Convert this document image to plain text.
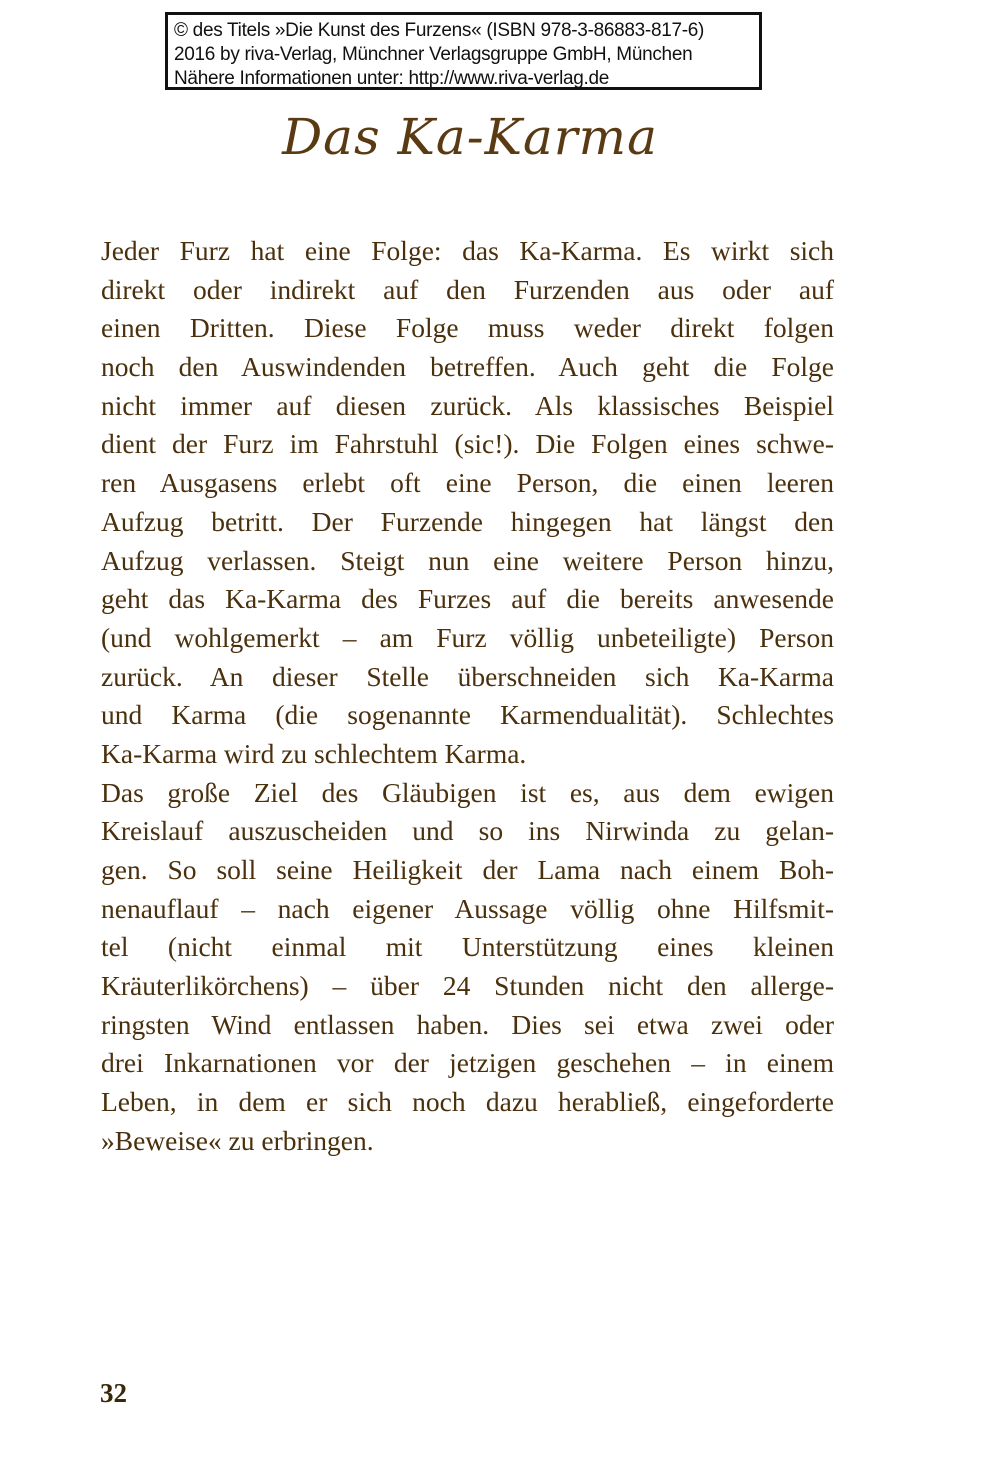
© des Titels »Die Kunst des Furzens« (ISBN 978-3-86883-817-6)
2016 by riva-Verlag, Münchner Verlagsgruppe GmbH, München
Nähere Informationen unter: http://www.riva-verlag.de
Das Ka-Karma
Jeder Furz hat eine Folge: das Ka-Karma. Es wirkt sich
direkt oder indirekt auf den Furzenden aus oder auf
einen Dritten. Diese Folge muss weder direkt folgen
noch den Auswindenden betreffen. Auch geht die Folge
nicht immer auf diesen zurück. Als klassisches Beispiel
dient der Furz im Fahrstuhl (sic!). Die Folgen eines schwe-
ren Ausgasens erlebt oft eine Person, die einen leeren
Aufzug betritt. Der Furzende hingegen hat längst den
Aufzug verlassen. Steigt nun eine weitere Person hinzu,
geht das Ka-Karma des Furzes auf die bereits anwesende
(und wohlgemerkt – am Furz völlig unbeteiligte) Person
zurück. An dieser Stelle überschneiden sich Ka-Karma
und Karma (die sogenannte Karmendualität). Schlechtes
Ka-Karma wird zu schlechtem Karma.
Das große Ziel des Gläubigen ist es, aus dem ewigen
Kreislauf auszuscheiden und so ins Nirwinda zu gelan-
gen. So soll seine Heiligkeit der Lama nach einem Boh-
nenauflauf – nach eigener Aussage völlig ohne Hilfsmit-
tel (nicht einmal mit Unterstützung eines kleinen
Kräuterlikörchens) – über 24 Stunden nicht den allerge-
ringsten Wind entlassen haben. Dies sei etwa zwei oder
drei Inkarnationen vor der jetzigen geschehen – in einem
Leben, in dem er sich noch dazu herabließ, eingeforderte
»Beweise« zu erbringen.
32
